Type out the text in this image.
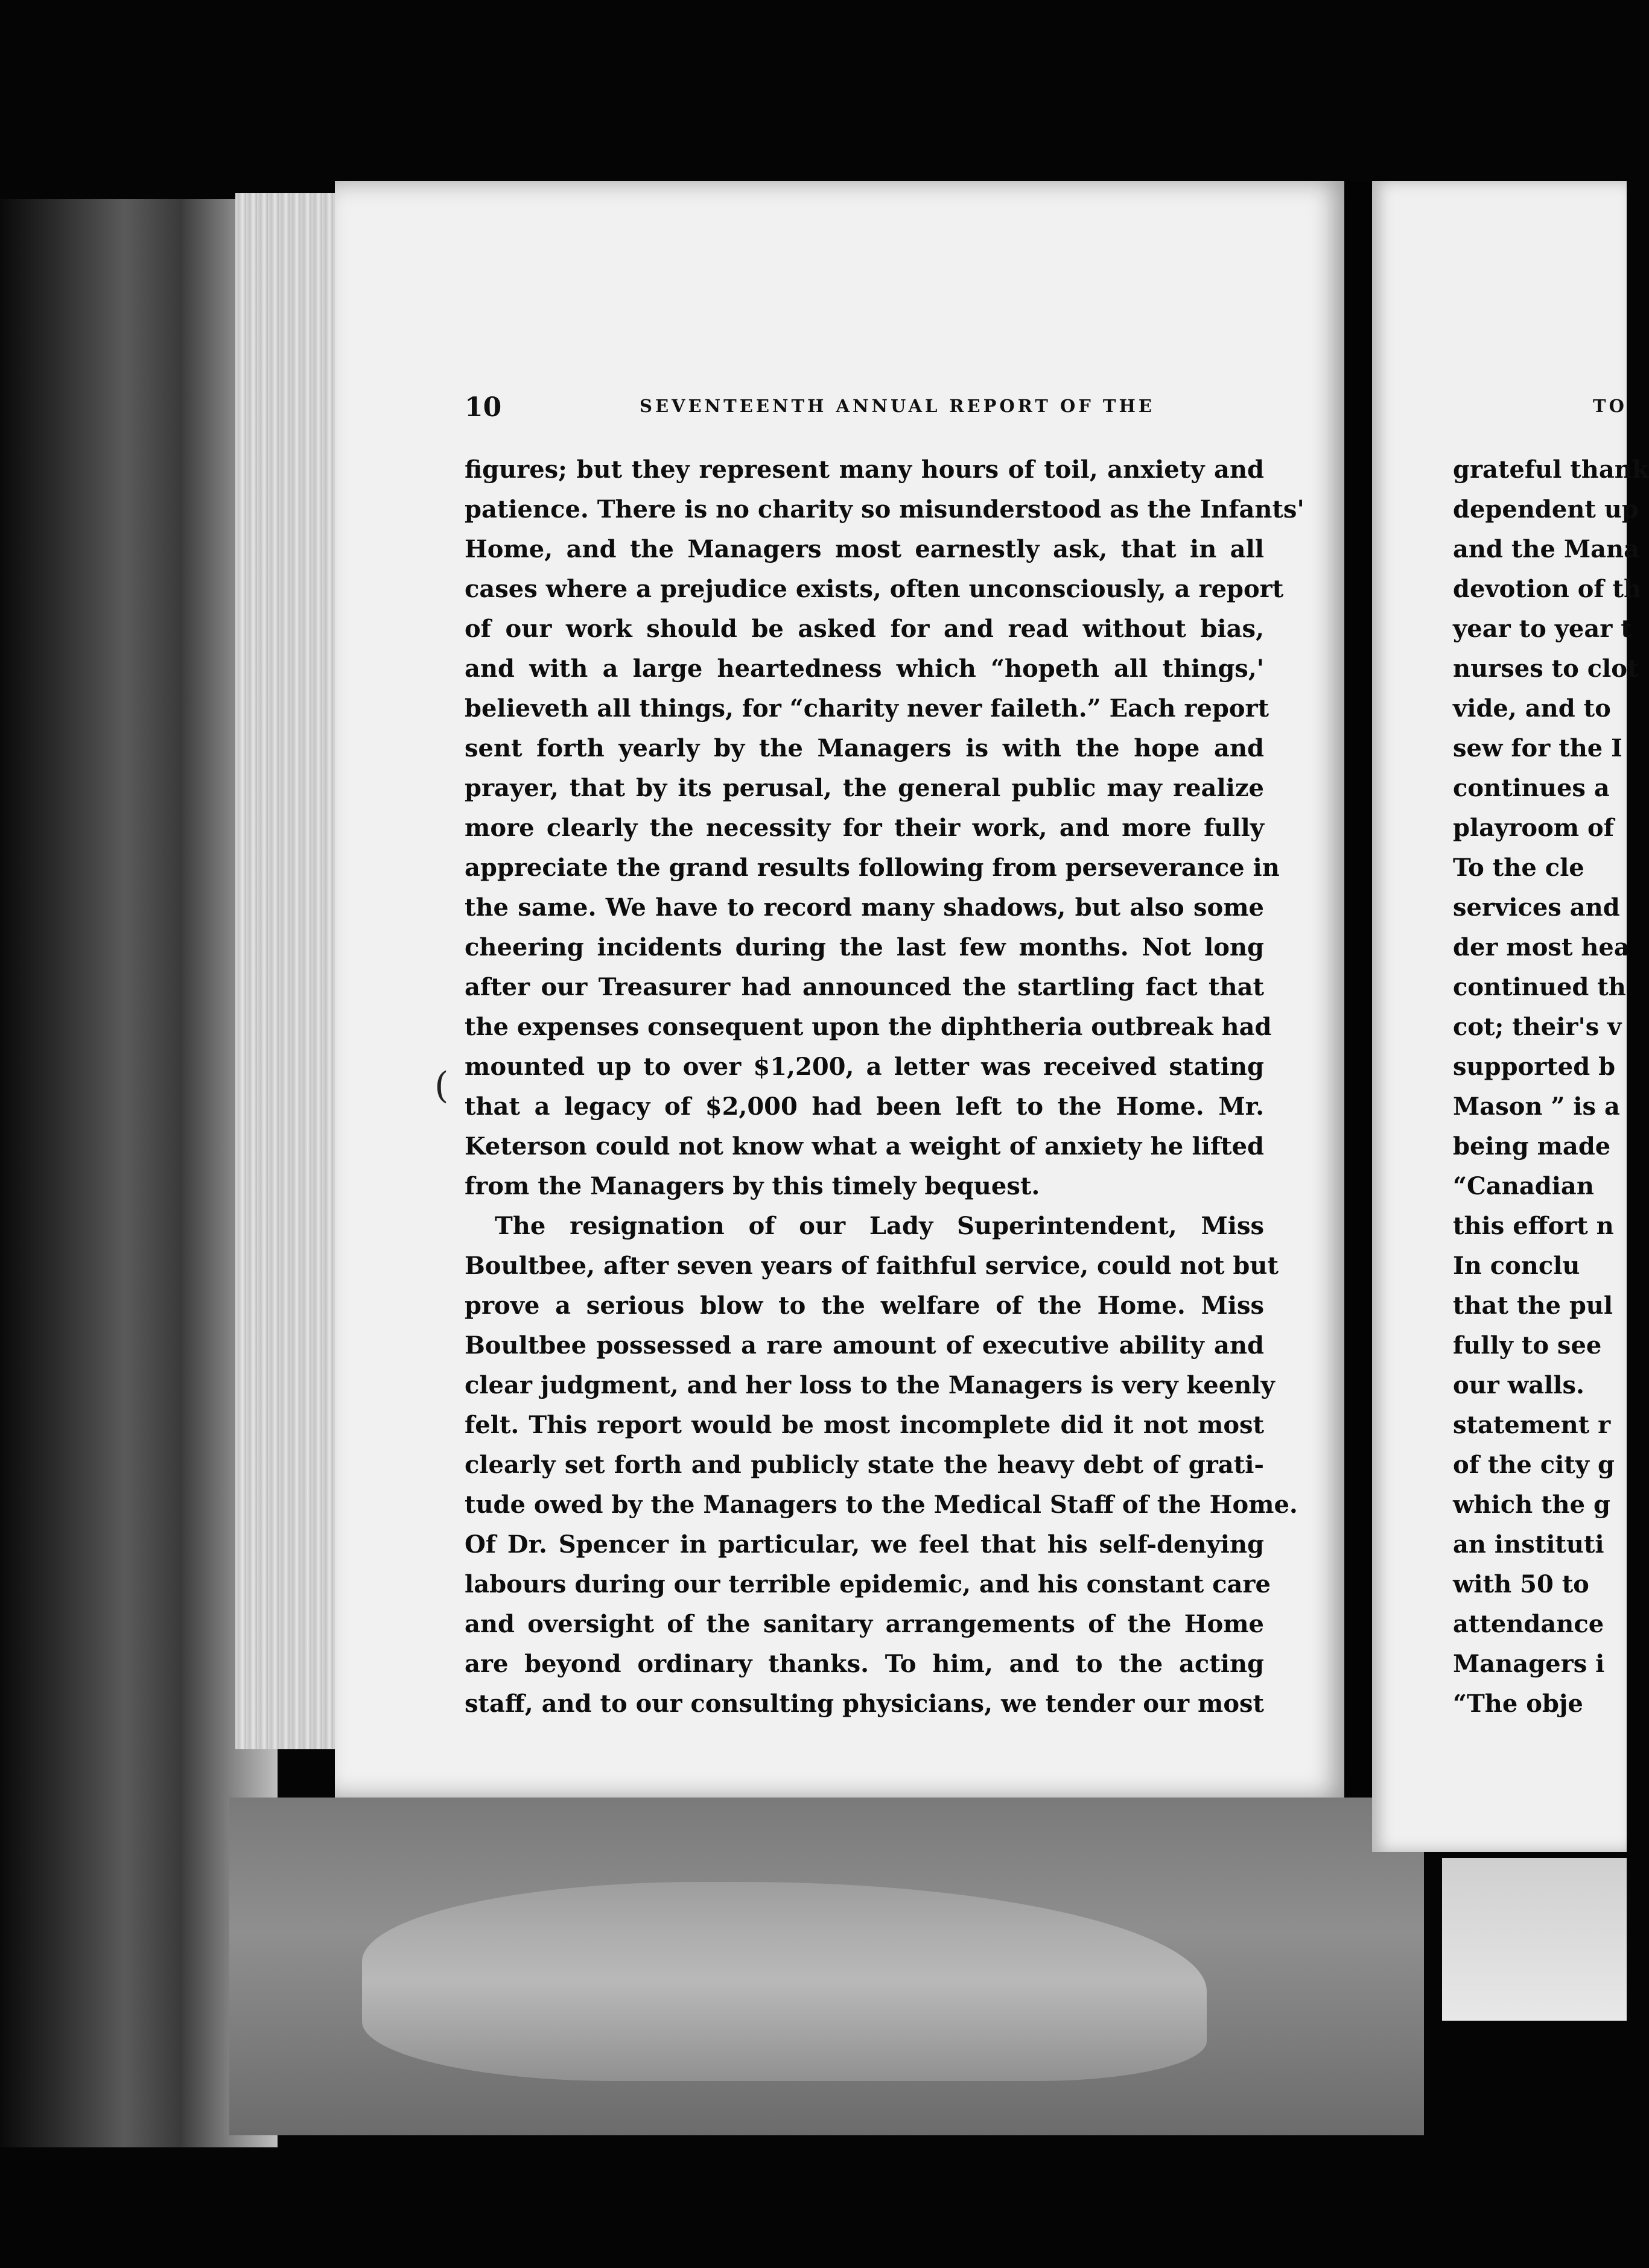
10	SEVENTEENTH ANNUAL REPORT OF THE
(
figures; but they represent many hours of toil, anxiety and
patience. There is no charity so misunderstood as the Infants'
Home, and the Managers most earnestly ask, that in all
cases where a prejudice exists, often unconsciously, a report
of our work should be asked for and read without bias,
and with a large heartedness which “hopeth all things,'
believeth all things, for “charity never faileth.” Each report
sent forth yearly by the Managers is with the hope and
prayer, that by its perusal, the general public may realize
more clearly the necessity for their work, and more fully
appreciate the grand results following from perseverance in
the same. We have to record many shadows, but also some
cheering incidents during the last few months. Not long
after our Treasurer had announced the startling fact that
the expenses consequent upon the diphtheria outbreak had
mounted up to over $1,200, a letter was received stating
that a legacy of $2,000 had been left to the Home. Mr.
Keterson could not know what a weight of anxiety he lifted
from the Managers by this timely bequest.
The resignation of our Lady Superintendent, Miss
Boultbee, after seven years of faithful service, could not but
prove a serious blow to the welfare of the Home. Miss
Boultbee possessed a rare amount of executive ability and
clear judgment, and her loss to the Managers is very keenly
felt. This report would be most incomplete did it not most
clearly set forth and publicly state the heavy debt of grati-
tude owed by the Managers to the Medical Staff of the Home.
Of Dr. Spencer in particular, we feel that his self-denying
labours during our terrible epidemic, and his constant care
and oversight of the sanitary arrangements of the Home
are beyond ordinary thanks. To him, and to the acting
staff, and to our consulting physicians, we tender our most
TO
grateful thank
dependent up
and the Mana
devotion of th
year to year t
nurses to clot
vide, and to
sew for the I
continues a
playroom of
To the cle
services and
der most hea
continued th
cot; their's v
supported b
Mason ” is a
being made
“Canadian
this effort n
In conclu
that the pul
fully to see
our walls.
statement r
of the city g
which the g
an instituti
with 50 to
attendance
Managers i
“The obje
